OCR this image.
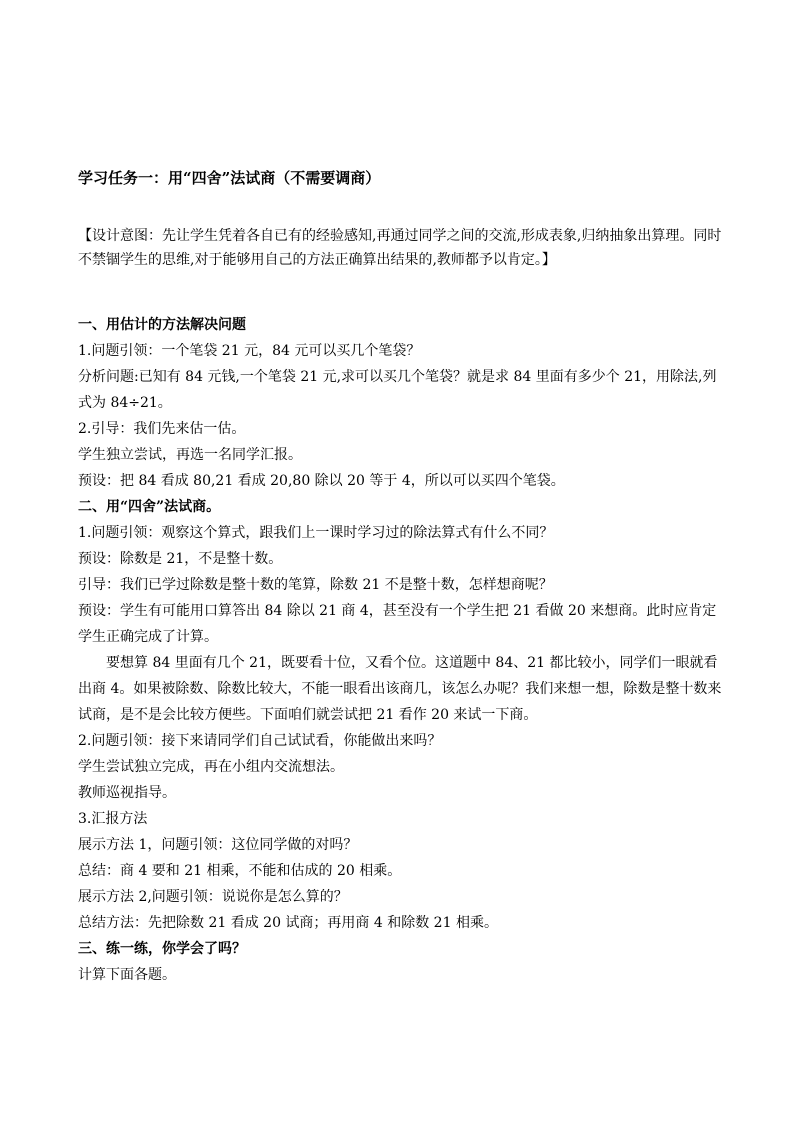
学习任务一：用“四舍”法试商（不需要调商）

【设计意图：先让学生凭着各自已有的经验感知,再通过同学之间的交流,形成表象,归纳抽象出算理。同时不禁锢学生的思维,对于能够用自己的方法正确算出结果的,教师都予以肯定。】

一、用估计的方法解决问题

1.问题引领：一个笔袋 21 元，84 元可以买几个笔袋？

分析问题:已知有 84 元钱,一个笔袋 21 元,求可以买几个笔袋？就是求 84 里面有多少个 21，用除法,列式为 84÷21。

2.引导：我们先来估一估。

学生独立尝试，再选一名同学汇报。

预设：把 84 看成 80,21 看成 20,80 除以 20 等于 4，所以可以买四个笔袋。

二、用“四舍”法试商。

1.问题引领：观察这个算式，跟我们上一课时学习过的除法算式有什么不同？

预设：除数是 21，不是整十数。

引导：我们已学过除数是整十数的笔算，除数 21 不是整十数，怎样想商呢？

预设：学生有可能用口算答出 84 除以 21 商 4，甚至没有一个学生把 21 看做 20 来想商。此时应肯定学生正确完成了计算。

要想算 84 里面有几个 21，既要看十位，又看个位。这道题中 84、21 都比较小，同学们一眼就看出商 4。如果被除数、除数比较大，不能一眼看出该商几，该怎么办呢？我们来想一想，除数是整十数来试商，是不是会比较方便些。下面咱们就尝试把 21 看作 20 来试一下商。

2.问题引领：接下来请同学们自己试试看，你能做出来吗？

学生尝试独立完成，再在小组内交流想法。

教师巡视指导。

3.汇报方法

展示方法 1，问题引领：这位同学做的对吗？

总结：商 4 要和 21 相乘，不能和估成的 20 相乘。

展示方法 2,问题引领：说说你是怎么算的？

总结方法：先把除数 21 看成 20 试商；再用商 4 和除数 21 相乘。

三、练一练，你学会了吗？

计算下面各题。
